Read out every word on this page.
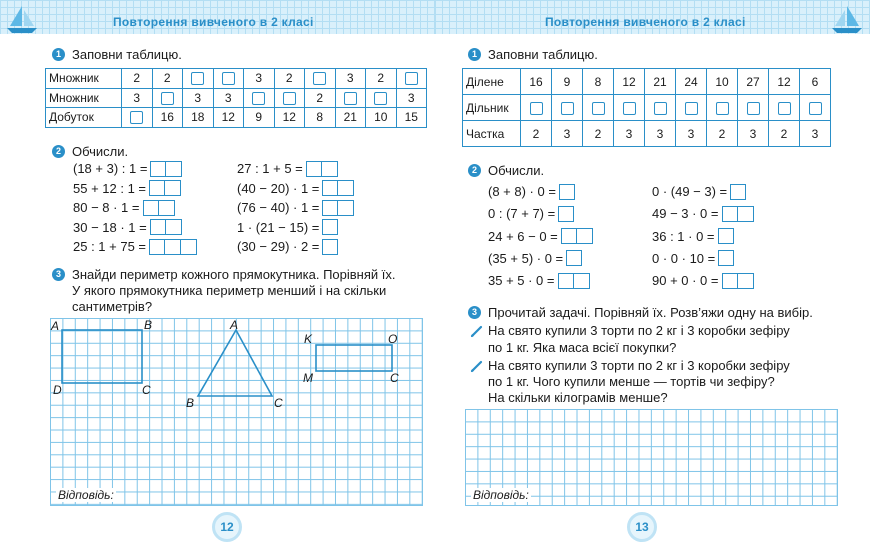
Повторення вивченого в 2 класі
1 Заповни таблицю.
Множник	2	2			3	2		3	2	
Множник	3		3	3			2			3
Добуток		16	18	12	9	12	8	21	10	15
2 Обчисли.
(18 + 3) : 1 =
55 + 12 : 1 =
80 − 8 · 1 =
30 − 18 · 1 =
25 : 1 + 75 =
27 : 1 + 5 =
(40 − 20) · 1 =
(76 − 40) · 1 =
1 · (21 − 15) =
(30 − 29) · 2 =
3 Знайди периметр кожного прямокутника. Порівняй їх.
У якого прямокутника периметр менший і на скільки
сантиметрів?
A	B
C
D
A
B	C
K	O
C
M
Відповідь:
12
Повторення вивченого в 2 класі
1 Заповни таблицю.
Ділене	16	9	8	12	21	24	10	27	12	6
Дільник										
Частка	2	3	2	3	3	3	2	3	2	3
2 Обчисли.
(8 + 8) · 0 =
0 : (7 + 7) =
24 + 6 − 0 =
(35 + 5) · 0 =
35 + 5 · 0 =
0 · (49 − 3) =
49 − 3 · 0 =
36 : 1 · 0 =
0 · 0 · 10 =
90 + 0 · 0 =
3 Прочитай задачі. Порівняй їх. Розв’яжи одну на вибір.
На свято купили 3 торти по 2 кг і 3 коробки зефіру
по 1 кг. Яка маса всієї покупки?
На свято купили 3 торти по 2 кг і 3 коробки зефіру
по 1 кг. Чого купили менше — тортів чи зефіру?
На скільки кілограмів менше?
Відповідь:
13
